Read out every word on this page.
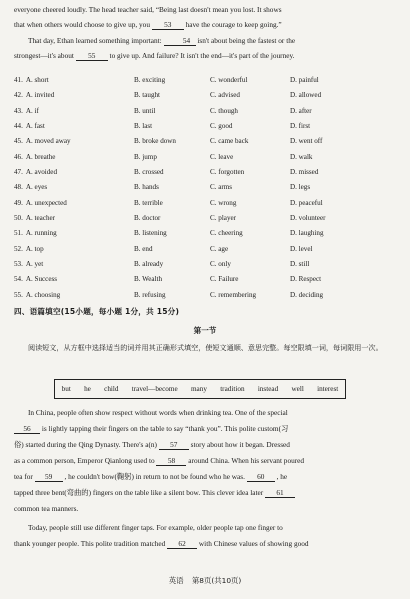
everyone cheered loudly. The head teacher said, “Being last doesn't mean you lost. It shows
that when others would choose to give up, you 53 have the courage to keep going.”
That day, Ethan learned something important:	54 isn't about being the fastest or the
strongest—it's about 55 to give up. And failure? It isn't the end—it's part of the journey.
41. A. short	B. exciting	C. wonderful	D. painful
42. A. invited	B. taught	C. advised	D. allowed
43. A. if	B. until	C. though	D. after
44. A. fast	B. last	C. good	D. first
45. A. moved away	B. broke down	C. came back	D. went off
46. A. breathe	B. jump	C. leave	D. walk
47. A. avoided	B. crossed	C. forgotten	D. missed
48. A. eyes	B. hands	C. arms	D. legs
49. A. unexpected	B. terrible	C. wrong	D. peaceful
50. A. teacher	B. doctor	C. player	D. volunteer
51. A. running	B. listening	C. cheering	D. laughing
52. A. top	B. end	C. age	D. level
53. A. yet	B. already	C. only	D. still
54. A. Success	B. Wealth	C. Failure	D. Respect
55. A. choosing	B. refusing	C. remembering	D. deciding
四、语篇填空(15小题，每小题 1分，共 15分)
第一节
阅读短文，从方框中选择适当的词并用其正确形式填空，使短文通顺、意思完整。每空限填一词，每词限用一次。
but he child travel—become many tradition instead well interest
In China, people often show respect without words when drinking tea. One of the special
56 is lightly tapping their fingers on the table to say “thank you”. This polite custom(习
俗) started during the Qing Dynasty. There's a(n) 57 story about how it began. Dressed
as a common person, Emperor Qianlong used to 58 around China. When his servant poured
tea for 59 , he couldn't bow(鞠躬) in return to not be found who he was. 60 , he
tapped three bent(弯曲的) fingers on the table like a silent bow. This clever idea later 61
common tea manners.
Today, people still use different finger taps. For example, older people tap one finger to
thank younger people. This polite tradition matched 62 with Chinese values of showing good
英语 第8页(共10页)
